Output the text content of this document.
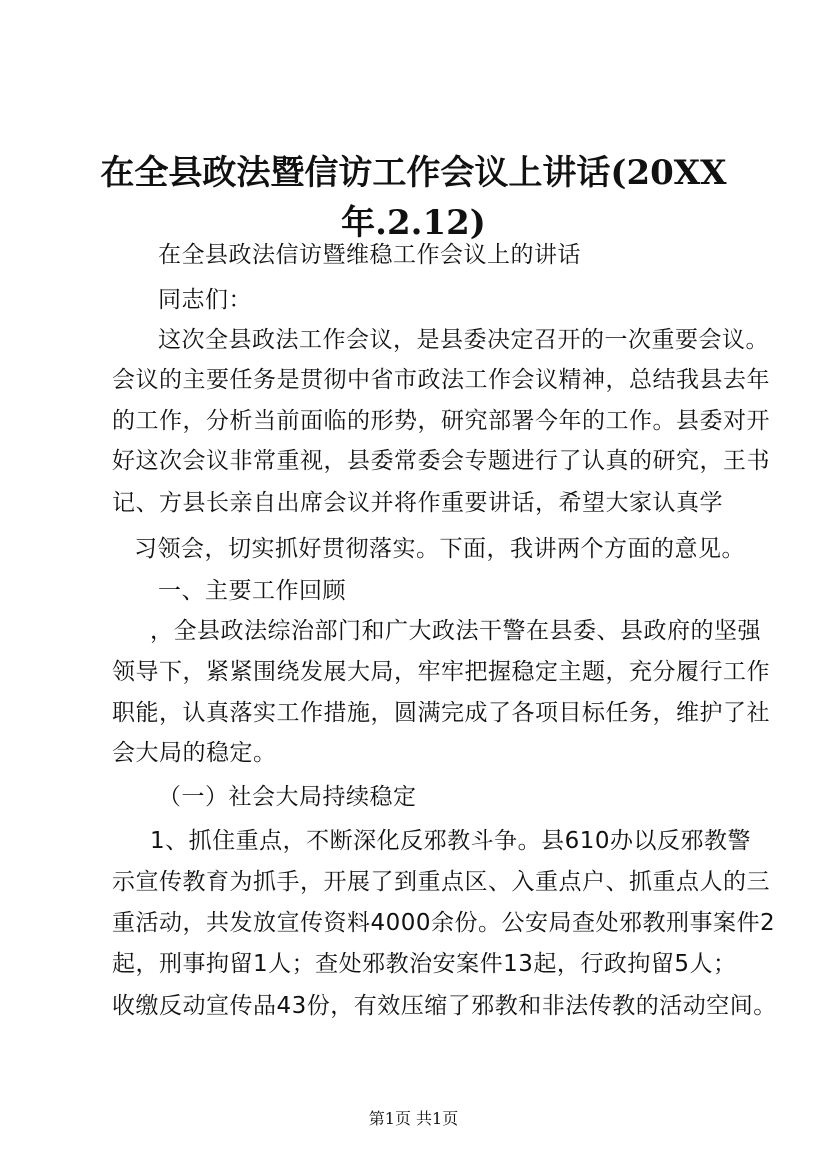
在全县政法暨信访工作会议上讲话(20XX
年.2.12)
在全县政法信访暨维稳工作会议上的讲话
同志们：
这次全县政法工作会议，是县委决定召开的一次重要会议。
会议的主要任务是贯彻中省市政法工作会议精神，总结我县去年
的工作，分析当前面临的形势，研究部署今年的工作。县委对开
好这次会议非常重视，县委常委会专题进行了认真的研究，王书
记、方县长亲自出席会议并将作重要讲话，希望大家认真学
习领会，切实抓好贯彻落实。下面，我讲两个方面的意见。
一、主要工作回顾
，全县政法综治部门和广大政法干警在县委、县政府的坚强
领导下，紧紧围绕发展大局，牢牢把握稳定主题，充分履行工作
职能，认真落实工作措施，圆满完成了各项目标任务，维护了社
会大局的稳定。
（一）社会大局持续稳定
1、抓住重点，不断深化反邪教斗争。县610办以反邪教警
示宣传教育为抓手，开展了到重点区、入重点户、抓重点人的三
重活动，共发放宣传资料4000余份。公安局查处邪教刑事案件2
起，刑事拘留1人；查处邪教治安案件13起，行政拘留5人；
收缴反动宣传品43份，有效压缩了邪教和非法传教的活动空间。
第1页 共1页
